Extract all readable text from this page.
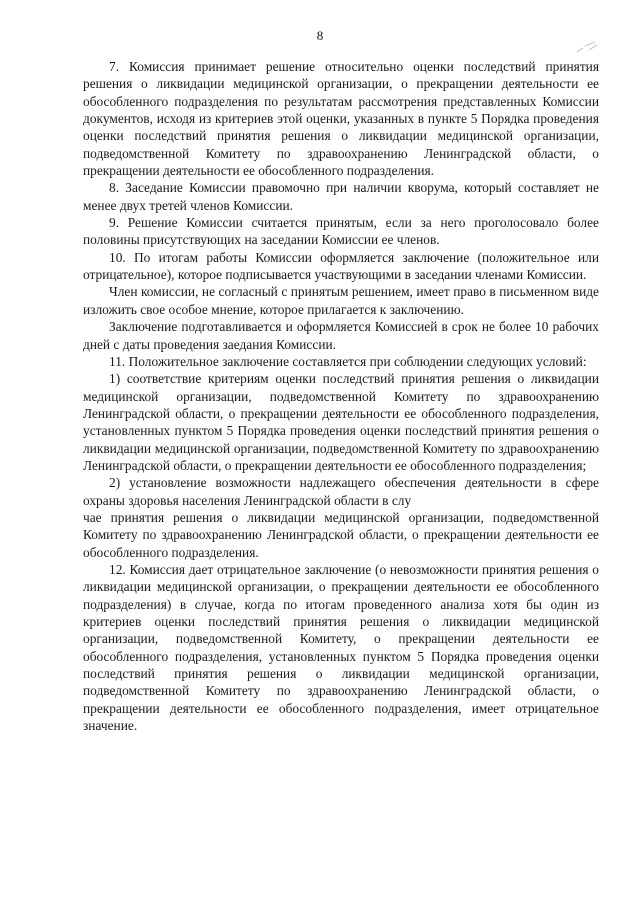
8

7. Комиссия принимает решение относительно оценки последствий принятия решения о ликвидации медицинской организации, о прекращении деятельности ее обособленного подразделения по результатам рассмотрения представленных Комиссии документов, исходя из критериев этой оценки, указанных в пункте 5 Порядка проведения оценки последствий принятия решения о ликвидации медицинской организации, подведомственной Комитету по здравоохранению Ленинградской области, о прекращении деятельности ее обособленного подразделения.

8. Заседание Комиссии правомочно при наличии кворума, который составляет не менее двух третей членов Комиссии.

9. Решение Комиссии считается принятым, если за него проголосовало более половины присутствующих на заседании Комиссии ее членов.

10. По итогам работы Комиссии оформляется заключение (положительное или отрицательное), которое подписывается участвующими в заседании членами Комиссии.

Член комиссии, не согласный с принятым решением, имеет право в письменном виде изложить свое особое мнение, которое прилагается к заключению.

Заключение подготавливается и оформляется Комиссией в срок не более 10 рабочих дней с даты проведения заедания Комиссии.

11. Положительное заключение составляется при соблюдении следующих условий:

1) соответствие критериям оценки последствий принятия решения о ликвидации медицинской организации, подведомственной Комитету по здравоохранению Ленинградской области, о прекращении деятельности ее обособленного подразделения, установленных пунктом 5 Порядка проведения оценки последствий принятия решения о ликвидации медицинской организации, подведомственной Комитету по здравоохранению Ленинградской области, о прекращении деятельности ее обособленного подразделения;

2) установление возможности надлежащего обеспечения деятельности в сфере охраны здоровья населения Ленинградской области в слу

чае принятия решения о ликвидации медицинской организации, подведомственной Комитету по здравоохранению Ленинградской области, о прекращении деятельности ее обособленного подразделения.

12. Комиссия дает отрицательное заключение (о невозможности принятия решения о ликвидации медицинской организации, о прекращении деятельности ее обособленного подразделения) в случае, когда по итогам проведенного анализа хотя бы один из критериев оценки последствий принятия решения о ликвидации медицинской организации, подведомственной Комитету, о прекращении деятельности ее обособленного подразделения, установленных пунктом 5 Порядка проведения оценки последствий принятия решения о ликвидации медицинской организации, подведомственной Комитету по здравоохранению Ленинградской области, о прекращении деятельности ее обособленного подразделения, имеет отрицательное значение.
